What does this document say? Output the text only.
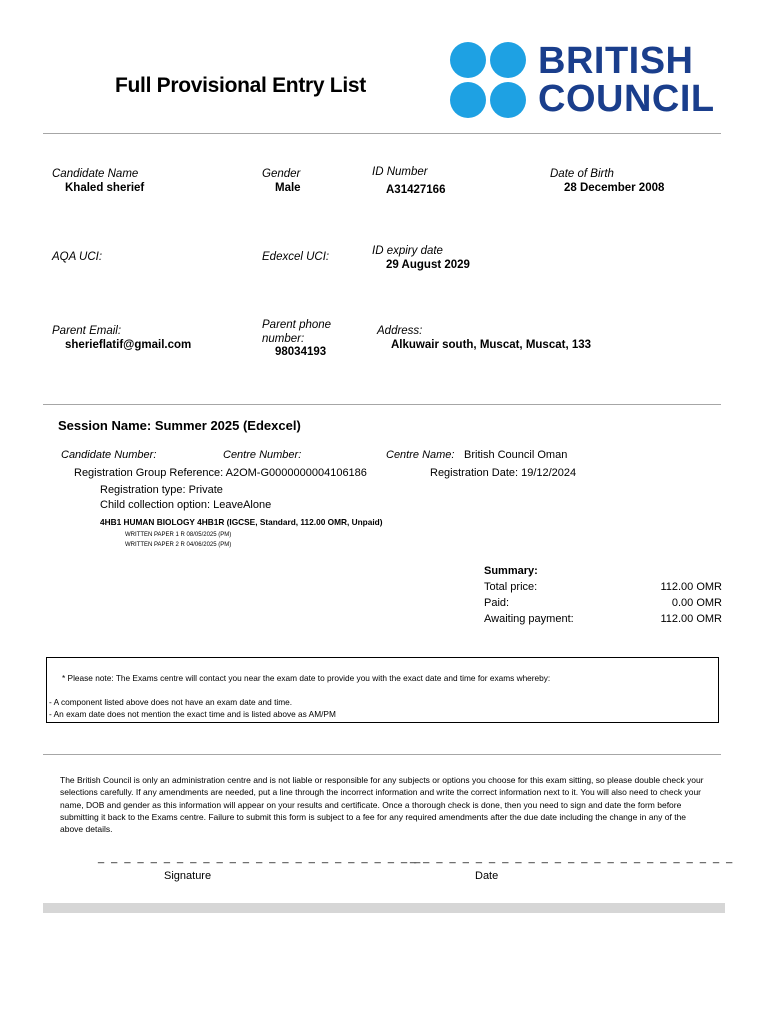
Full Provisional Entry List
BRITISH
COUNCIL
Candidate Name
Khaled sherief
Gender
Male
ID Number
A31427166
Date of Birth
28 December 2008
AQA UCI:	Edexcel UCI:	ID expiry date
29 August 2029
Parent Email:
sherieflatif@gmail.com
Parent phone
number:
98034193
Address:
Alkuwair south, Muscat, Muscat, 133
Session Name: Summer 2025 (Edexcel)
Candidate Number:	Centre Number:	Centre Name: British Council Oman
Registration Group Reference: A2OM-G0000000004106186	Registration Date: 19/12/2024
Registration type: Private
Child collection option: LeaveAlone
4HB1 HUMAN BIOLOGY 4HB1R (IGCSE, Standard, 112.00 OMR, Unpaid)
WRITTEN PAPER 1 R 08/05/2025 (PM)
WRITTEN PAPER 2 R 04/06/2025 (PM)
Summary:
Total price:	112.00 OMR
Paid:	0.00 OMR
Awaiting payment:	112.00 OMR
* Please note: The Exams centre will contact you near the exam date to provide you with the exact date and time for exams whereby:
- A component listed above does not have an exam date and time.
- An exam date does not mention the exact time and is listed above as AM/PM
The British Council is only an administration centre and is not liable or responsible for any subjects or options you choose for this exam sitting, so please double check your selections carefully. If any amendments are needed, put a line through the incorrect information and write the correct information next to it. You will also need to check your name, DOB and gender as this information will appear on your results and certificate. Once a thorough check is done, then you need to sign and date the form before submitting it back to the Exams centre. Failure to submit this form is subject to a fee for any required amendments after the due date including the change in any of the above details.
_ _ _ _ _ _ _ _ _ _ _ _ _ _ _ _ _ _ _ _ _ _ _ _ _
Signature
_ _ _ _ _ _ _ _ _ _ _ _ _ _ _ _ _ _ _ _ _ _ _ _ _
Date
